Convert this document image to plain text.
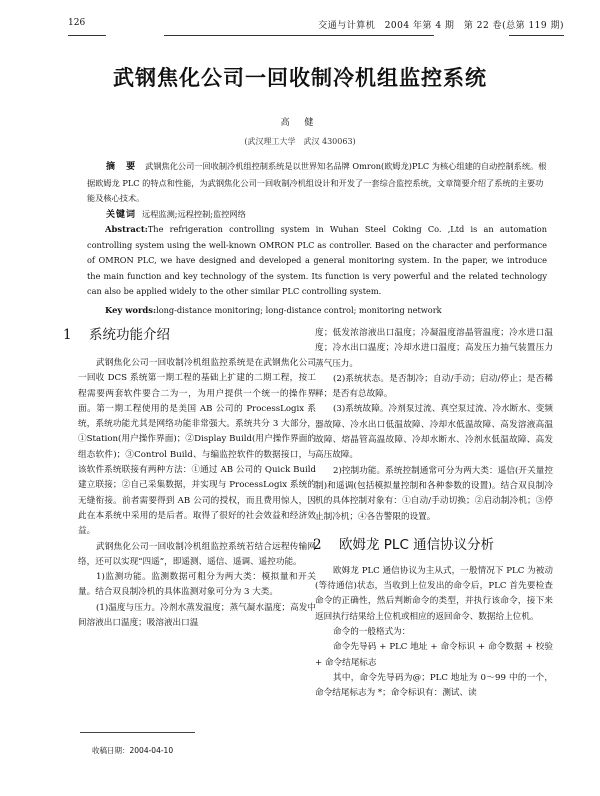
126	交通与计算机　2004 年第 4 期　第 22 卷(总第 119 期)
武钢焦化公司一回收制冷机组监控系统
高 健
(武汉理工大学　武汉 430063)

摘 要 武钢焦化公司一回收制冷机组控制系统是以世界知名品牌 Omron(欧姆龙)PLC 为核心组建的自动控制系统。根据欧姆龙 PLC 的特点和性能，为武钢焦化公司一回收制冷机组设计和开发了一套综合监控系统，文章简要介绍了系统的主要功能及核心技术。

关键词 远程监测;远程控制;监控网络

Abstract:The refrigeration controlling system in Wuhan Steel Coking Co. ,Ltd is an automation controlling system using the well-known OMRON PLC as controller. Based on the character and performance of OMRON PLC, we have designed and developed a general monitoring system. In the paper, we introduce the main function and key technology of the system. Its function is very powerful and the related technology can also be applied widely to the other similar PLC controlling system.

Key words:long-distance monitoring; long-distance control; monitoring network

1 系统功能介绍

武钢焦化公司一回收制冷机组监控系统是在武钢焦化公司一回收 DCS 系统第一期工程的基础上扩建的二期工程，按工程需要两套软件要合二为一，为用户提供一个统一的操作界面。第一期工程使用的是美国 AB 公司的 ProcessLogix 系统，系统功能尤其是网络功能非常强大。系统共分 3 大部分，①Station(用户操作界面)；②Display Build(用户操作界面的组态软件)；③Control Build、与编监控软件的数据接口，与该软件系统联接有两种方法：①通过 AB 公司的 Quick Build 建立联接；②自己采集数据，并实现与 ProcessLogix 系统的无缝衔接。前者需要得到 AB 公司的授权，而且费用惊人，因此在本系统中采用的是后者。取得了很好的社会效益和经济效益。

武钢焦化公司一回收制冷机组监控系统若结合远程传输网络，还可以实现“四遥”，即遥测、遥信、遥调、遥控功能。

1)监测功能。监测数据可粗分为两大类：模拟量和开关量。结合双良制冷机的具体监测对象可分为 3 大类。

(1)温度与压力。冷剂水蒸发温度；蒸气凝水温度；高发中间溶液出口温度；吸溶液出口温

度；低发浓溶液出口温度；冷凝温度溶晶管温度；冷水进口温度；冷水出口温度；冷却水进口温度；高发压力抽气装置压力蒸气压力。

(2)系统状态。是否制冷；自动/手动；启动/停止；是否稀释；是否有总故障。

(3)系统故障。冷剂泵过流、真空泵过流、冷水断水、变频器故障、冷水出口低温故障、冷却水低温故障、高发溶液高温故障、熔晶管高温故障、冷却水断水、冷剂水低温故障、高发高压故障。

2)控制功能。系统控制通常可分为两大类：遥信(开关量控制)和遥调(包括模拟量控制和各种参数的设置)。结合双良制冷机的具体控制对象有：①自动/手动切换；②启动制冷机；③停止制冷机；④各告警限的设置。

2 欧姆龙 PLC 通信协议分析

欧姆龙 PLC 通信协议为主从式，一般情况下 PLC 为被动(等待通信)状态，当收到上位发出的命令后，PLC 首先要检查命令的正确性，然后判断命令的类型，并执行该命令，接下来返回执行结果给上位机或相应的返回命令、数据给上位机。

命令的一般格式为：

命令先导码 + PLC 地址 + 命令标识 + 命令数据 + 校验 + 命令结尾标志

其中，命令先导码为@；PLC 地址为 0～99 中的一个，命令结尾标志为 *；命令标识有：测试、读

收稿日期：2004-04-10
